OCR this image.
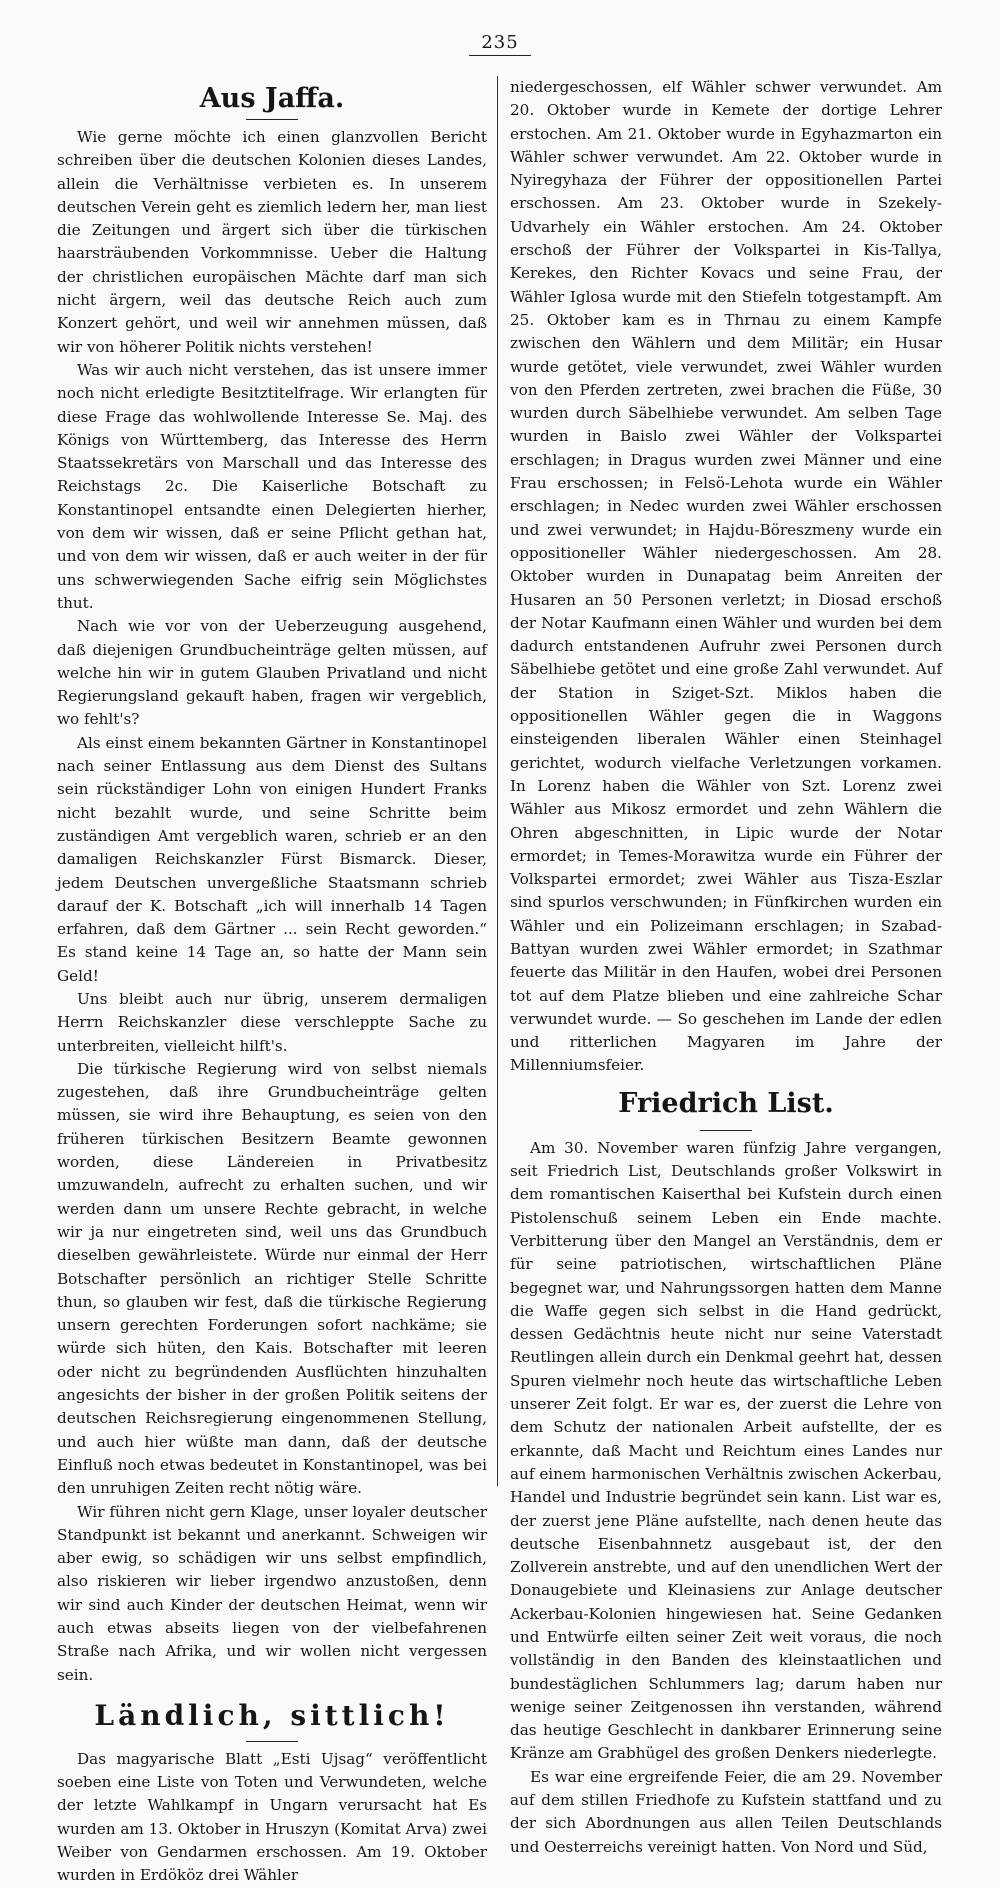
235
Aus Jaffa.

Wie gerne möchte ich einen glanzvollen Bericht schreiben über die deutschen Kolonien dieses Landes, allein die Verhältnisse verbieten es. In unserem deutschen Verein geht es ziemlich ledern her, man liest die Zeitungen und ärgert sich über die türkischen haarsträubenden Vorkommnisse. Ueber die Haltung der christlichen europäischen Mächte darf man sich nicht ärgern, weil das deutsche Reich auch zum Konzert gehört, und weil wir annehmen müssen, daß wir von höherer Politik nichts verstehen!

Was wir auch nicht verstehen, das ist unsere immer noch nicht erledigte Besitztitelfrage. Wir erlangten für diese Frage das wohlwollende Interesse Se. Maj. des Königs von Württemberg, das Interesse des Herrn Staatssekretärs von Marschall und das Interesse des Reichstags 2c. Die Kaiserliche Botschaft zu Konstantinopel entsandte einen Delegierten hierher, von dem wir wissen, daß er seine Pflicht gethan hat, und von dem wir wissen, daß er auch weiter in der für uns schwerwiegenden Sache eifrig sein Möglichstes thut.

Nach wie vor von der Ueberzeugung ausgehend, daß diejenigen Grundbucheinträge gelten müssen, auf welche hin wir in gutem Glauben Privatland und nicht Regierungsland gekauft haben, fragen wir vergeblich, wo fehlt's?

Als einst einem bekannten Gärtner in Konstantinopel nach seiner Entlassung aus dem Dienst des Sultans sein rückständiger Lohn von einigen Hundert Franks nicht bezahlt wurde, und seine Schritte beim zuständigen Amt vergeblich waren, schrieb er an den damaligen Reichskanzler Fürst Bismarck. Dieser, jedem Deutschen unvergeßliche Staatsmann schrieb darauf der K. Botschaft „ich will innerhalb 14 Tagen erfahren, daß dem Gärtner ... sein Recht geworden.“ Es stand keine 14 Tage an, so hatte der Mann sein Geld!

Uns bleibt auch nur übrig, unserem dermaligen Herrn Reichskanzler diese verschleppte Sache zu unterbreiten, vielleicht hilft's.

Die türkische Regierung wird von selbst niemals zugestehen, daß ihre Grundbucheinträge gelten müssen, sie wird ihre Behauptung, es seien von den früheren türkischen Besitzern Beamte gewonnen worden, diese Ländereien in Privatbesitz umzuwandeln, aufrecht zu erhalten suchen, und wir werden dann um unsere Rechte gebracht, in welche wir ja nur eingetreten sind, weil uns das Grundbuch dieselben gewährleistete. Würde nur einmal der Herr Botschafter persönlich an richtiger Stelle Schritte thun, so glauben wir fest, daß die türkische Regierung unsern gerechten Forderungen sofort nachkäme; sie würde sich hüten, den Kais. Botschafter mit leeren oder nicht zu begründenden Ausflüchten hinzuhalten angesichts der bisher in der großen Politik seitens der deutschen Reichsregierung eingenommenen Stellung, und auch hier wüßte man dann, daß der deutsche Einfluß noch etwas bedeutet in Konstantinopel, was bei den unruhigen Zeiten recht nötig wäre.

Wir führen nicht gern Klage, unser loyaler deutscher Standpunkt ist bekannt und anerkannt. Schweigen wir aber ewig, so schädigen wir uns selbst empfindlich, also riskieren wir lieber irgendwo anzustoßen, denn wir sind auch Kinder der deutschen Heimat, wenn wir auch etwas abseits liegen von der vielbefahrenen Straße nach Afrika, und wir wollen nicht vergessen sein.

Ländlich, sittlich!

Das magyarische Blatt „Esti Ujsag“ veröffentlicht soeben eine Liste von Toten und Verwundeten, welche der letzte Wahlkampf in Ungarn verursacht hat Es wurden am 13. Oktober in Hruszyn (Komitat Arva) zwei Weiber von Gendarmen erschossen. Am 19. Oktober wurden in Erdököz drei Wähler

niedergeschossen, elf Wähler schwer verwundet. Am 20. Oktober wurde in Kemete der dortige Lehrer erstochen. Am 21. Oktober wurde in Egyhazmarton ein Wähler schwer verwundet. Am 22. Oktober wurde in Nyiregyhaza der Führer der oppositionellen Partei erschossen. Am 23. Oktober wurde in Szekely-Udvarhely ein Wähler erstochen. Am 24. Oktober erschoß der Führer der Volkspartei in Kis-Tallya, Kerekes, den Richter Kovacs und seine Frau, der Wähler Iglosa wurde mit den Stiefeln totgestampft. Am 25. Oktober kam es in Thrnau zu einem Kampfe zwischen den Wählern und dem Militär; ein Husar wurde getötet, viele verwundet, zwei Wähler wurden von den Pferden zertreten, zwei brachen die Füße, 30 wurden durch Säbelhiebe verwundet. Am selben Tage wurden in Baislo zwei Wähler der Volkspartei erschlagen; in Dragus wurden zwei Männer und eine Frau erschossen; in Felsö-Lehota wurde ein Wähler erschlagen; in Nedec wurden zwei Wähler erschossen und zwei verwundet; in Hajdu-Böreszmeny wurde ein oppositioneller Wähler niedergeschossen. Am 28. Oktober wurden in Dunapatag beim Anreiten der Husaren an 50 Personen verletzt; in Diosad erschoß der Notar Kaufmann einen Wähler und wurden bei dem dadurch entstandenen Aufruhr zwei Personen durch Säbelhiebe getötet und eine große Zahl verwundet. Auf der Station in Sziget-Szt. Miklos haben die oppositionellen Wähler gegen die in Waggons einsteigenden liberalen Wähler einen Steinhagel gerichtet, wodurch vielfache Verletzungen vorkamen. In Lorenz haben die Wähler von Szt. Lorenz zwei Wähler aus Mikosz ermordet und zehn Wählern die Ohren abgeschnitten, in Lipic wurde der Notar ermordet; in Temes-Morawitza wurde ein Führer der Volkspartei ermordet; zwei Wähler aus Tisza-Eszlar sind spurlos verschwunden; in Fünfkirchen wurden ein Wähler und ein Polizeimann erschlagen; in Szabad-Battyan wurden zwei Wähler ermordet; in Szathmar feuerte das Militär in den Haufen, wobei drei Personen tot auf dem Platze blieben und eine zahlreiche Schar verwundet wurde. — So geschehen im Lande der edlen und ritterlichen Magyaren im Jahre der Millenniumsfeier.

Friedrich List.

Am 30. November waren fünfzig Jahre vergangen, seit Friedrich List, Deutschlands großer Volkswirt in dem romantischen Kaiserthal bei Kufstein durch einen Pistolenschuß seinem Leben ein Ende machte. Verbitterung über den Mangel an Verständnis, dem er für seine patriotischen, wirtschaftlichen Pläne begegnet war, und Nahrungssorgen hatten dem Manne die Waffe gegen sich selbst in die Hand gedrückt, dessen Gedächtnis heute nicht nur seine Vaterstadt Reutlingen allein durch ein Denkmal geehrt hat, dessen Spuren vielmehr noch heute das wirtschaftliche Leben unserer Zeit folgt. Er war es, der zuerst die Lehre von dem Schutz der nationalen Arbeit aufstellte, der es erkannte, daß Macht und Reichtum eines Landes nur auf einem harmonischen Verhältnis zwischen Ackerbau, Handel und Industrie begründet sein kann. List war es, der zuerst jene Pläne aufstellte, nach denen heute das deutsche Eisenbahnnetz ausgebaut ist, der den Zollverein anstrebte, und auf den unendlichen Wert der Donaugebiete und Kleinasiens zur Anlage deutscher Ackerbau-Kolonien hingewiesen hat. Seine Gedanken und Entwürfe eilten seiner Zeit weit voraus, die noch vollständig in den Banden des kleinstaatlichen und bundestäglichen Schlummers lag; darum haben nur wenige seiner Zeitgenossen ihn verstanden, während das heutige Geschlecht in dankbarer Erinnerung seine Kränze am Grabhügel des großen Denkers niederlegte.

Es war eine ergreifende Feier, die am 29. November auf dem stillen Friedhofe zu Kufstein stattfand und zu der sich Abordnungen aus allen Teilen Deutschlands und Oesterreichs vereinigt hatten. Von Nord und Süd,
